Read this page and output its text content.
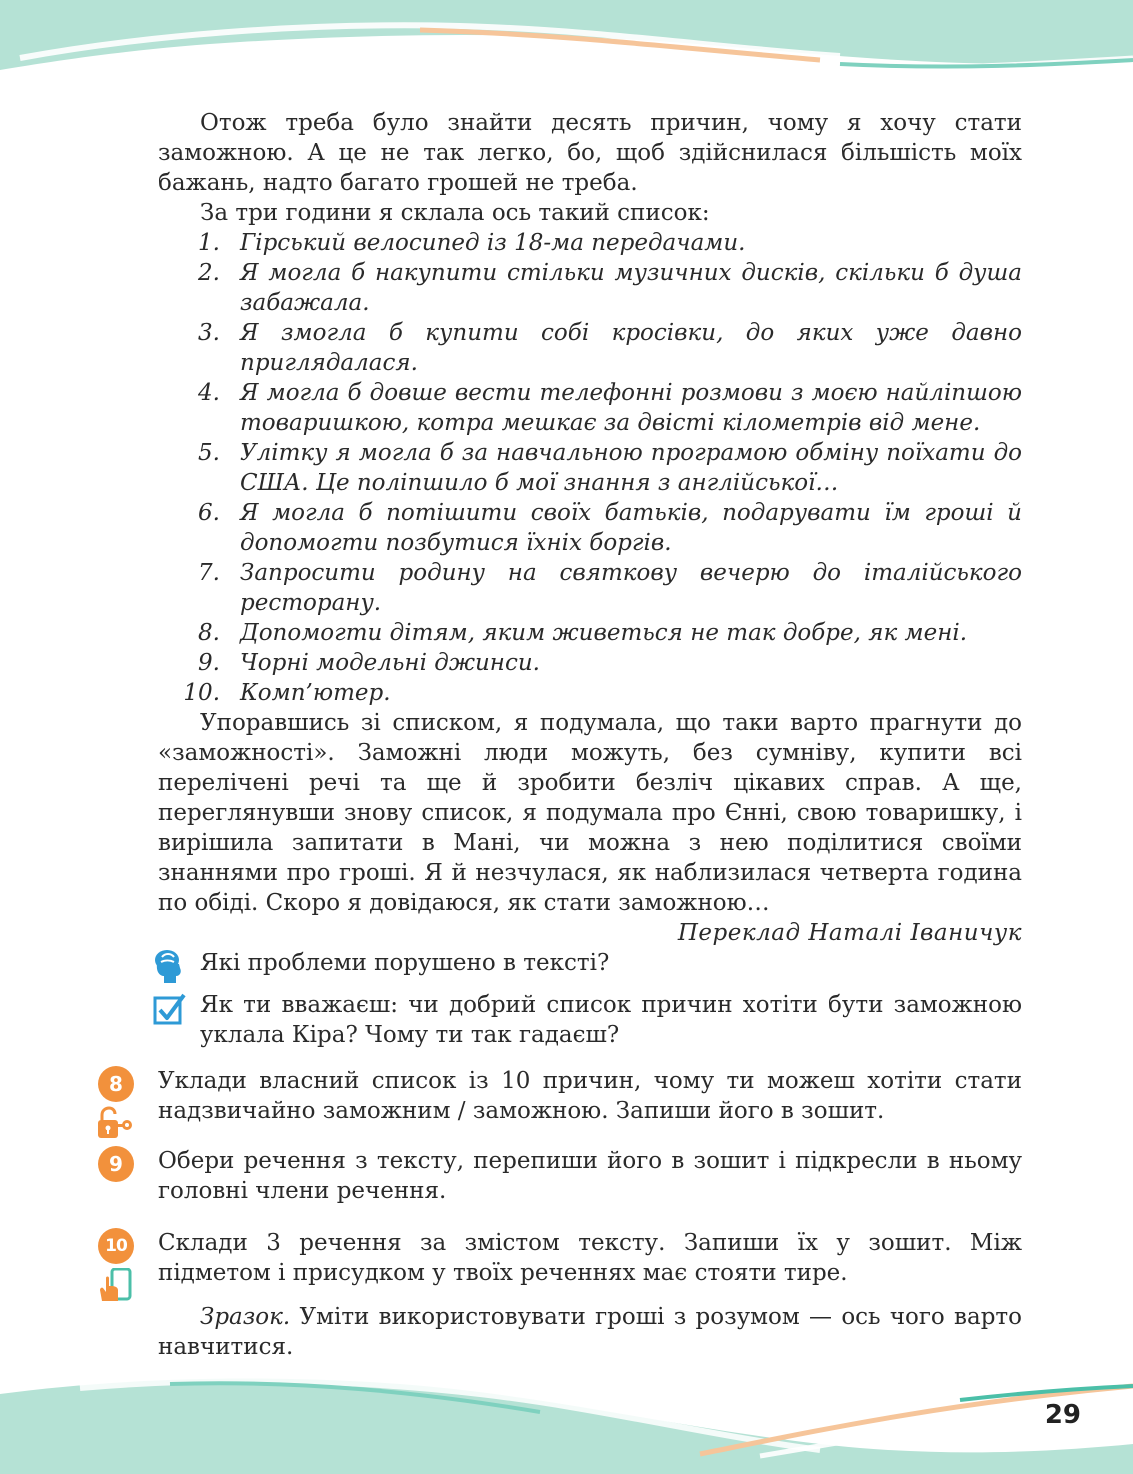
Отож треба було знайти десять причин, чому я хочу стати заможною. А це не так легко, бо, щоб здійснилася більшість моїх бажань, надто багато грошей не треба.

За три години я склала ось такий список:

1. Гірський велосипед із 18-ма передачами.
2. Я могла б накупити стільки музичних дисків, скільки б душа забажала.
3. Я змогла б купити собі кросівки, до яких уже давно приглядалася.
4. Я могла б довше вести телефонні розмови з моєю найліпшою товаришкою, котра мешкає за двісті кілометрів від мене.
5. Улітку я могла б за навчальною програмою обміну поїхати до США. Це поліпшило б мої знання з англійської…
6. Я могла б потішити своїх батьків, подарувати їм гроші й допомогти позбутися їхніх боргів.
7. Запросити родину на святкову вечерю до італійського ресторану.
8. Допомогти дітям, яким живеться не так добре, як мені.
9. Чорні модельні джинси.
10. Комп’ютер.

Упоравшись зі списком, я подумала, що таки варто прагнути до «заможності». Заможні люди можуть, без сумніву, купити всі перелічені речі та ще й зробити безліч цікавих справ. А ще, переглянувши знову список, я подумала про Єнні, свою товаришку, і вирішила запитати в Мані, чи можна з нею поділитися своїми знаннями про гроші. Я й незчулася, як наблизилася четверта година по обіді. Скоро я довідаюся, як стати заможною…

Переклад Наталі Іваничук

Які проблеми порушено в тексті?

Як ти вважаєш: чи добрий список причин хотіти бути заможною уклала Кіра? Чому ти так гадаєш?

8	Уклади власний список із 10 причин, чому ти можеш хотіти стати надзвичайно заможним / заможною. Запиши його в зошит.

9	Обери речення з тексту, перепиши його в зошит і підкресли в ньому головні члени речення.

10	Склади 3 речення за змістом тексту. Запиши їх у зошит. Між підметом і присудком у твоїх реченнях має стояти тире.

Зразок. Уміти використовувати гроші з розумом — ось чого варто навчитися.

29
